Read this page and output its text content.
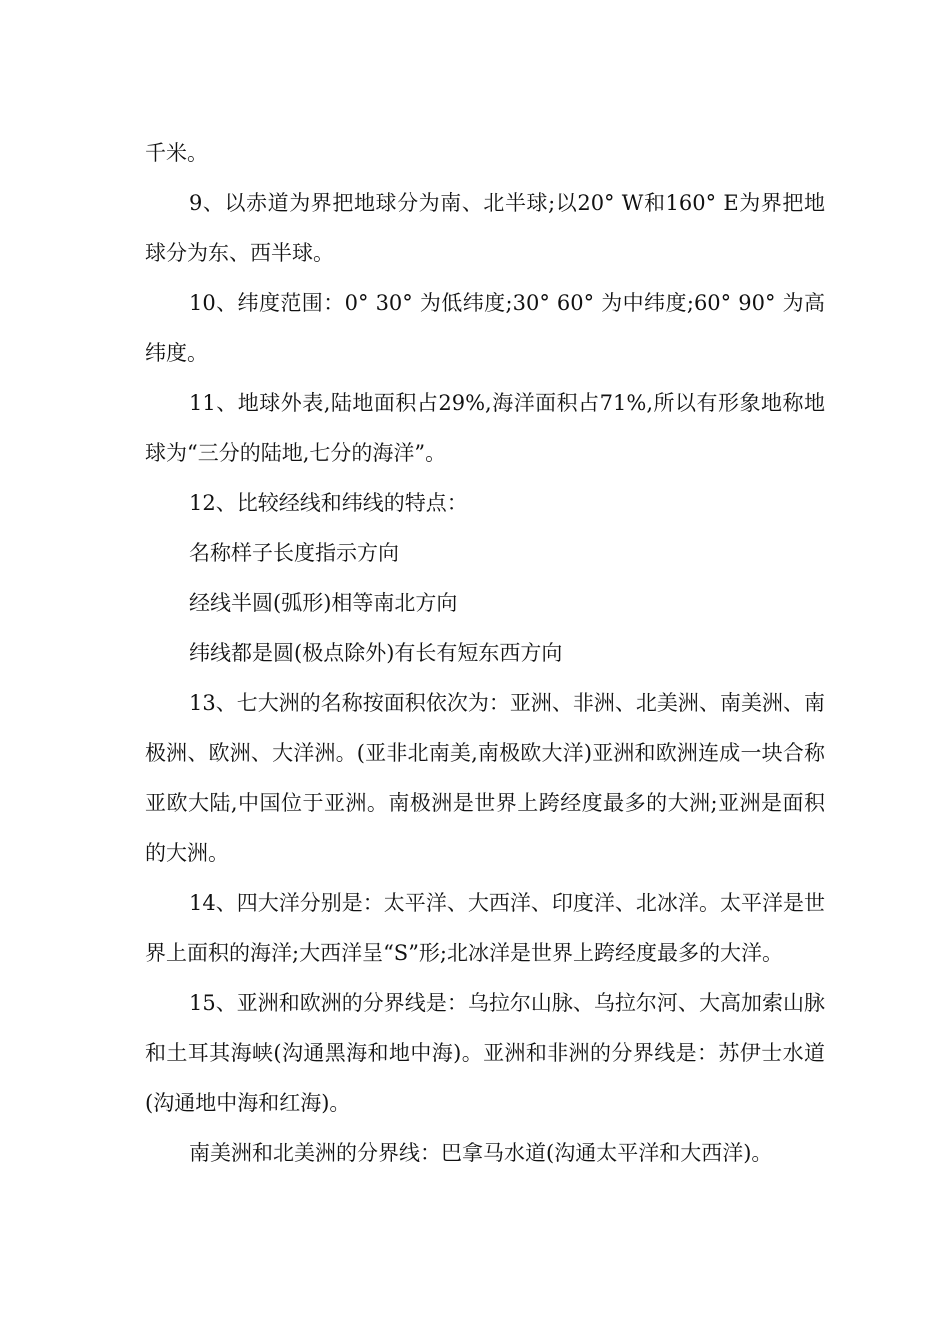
千米。

9、以赤道为界把地球分为南、北半球;以20° W和160° E为界把地球分为东、西半球。

10、纬度范围：0° 30° 为低纬度;30° 60° 为中纬度;60° 90° 为高纬度。

11、地球外表,陆地面积占29%,海洋面积占71%,所以有形象地称地球为“三分的陆地,七分的海洋”。

12、比较经线和纬线的特点：

名称样子长度指示方向

经线半圆(弧形)相等南北方向

纬线都是圆(极点除外)有长有短东西方向

13、七大洲的名称按面积依次为：亚洲、非洲、北美洲、南美洲、南极洲、欧洲、大洋洲。(亚非北南美,南极欧大洋)亚洲和欧洲连成一块合称亚欧大陆,中国位于亚洲。南极洲是世界上跨经度最多的大洲;亚洲是面积的大洲。

14、四大洋分别是：太平洋、大西洋、印度洋、北冰洋。太平洋是世界上面积的海洋;大西洋呈“S”形;北冰洋是世界上跨经度最多的大洋。

15、亚洲和欧洲的分界线是：乌拉尔山脉、乌拉尔河、大高加索山脉和土耳其海峡(沟通黑海和地中海)。亚洲和非洲的分界线是：苏伊士水道(沟通地中海和红海)。

南美洲和北美洲的分界线：巴拿马水道(沟通太平洋和大西洋)。
